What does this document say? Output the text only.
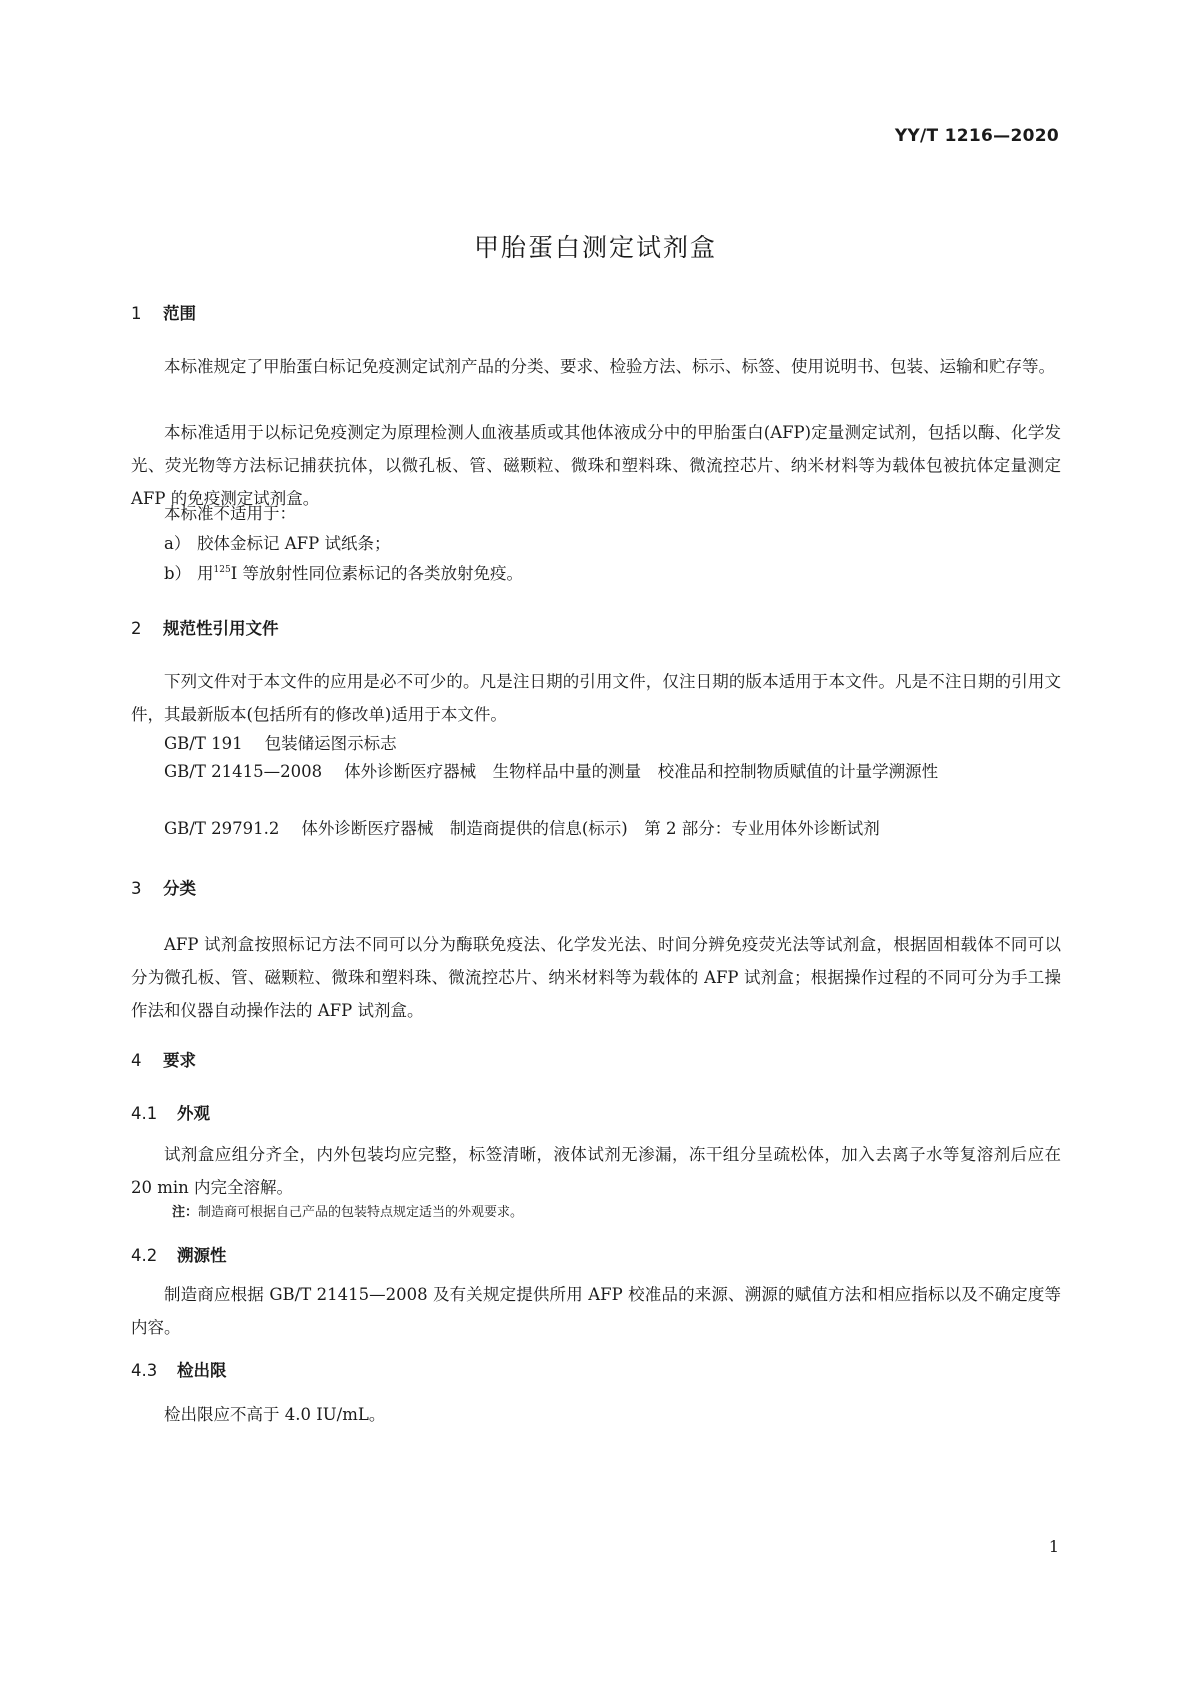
YY/T 1216—2020
甲胎蛋白测定试剂盒
1 范围
本标准规定了甲胎蛋白标记免疫测定试剂产品的分类、要求、检验方法、标示、标签、使用说明书、包装、运输和贮存等。
本标准适用于以标记免疫测定为原理检测人血液基质或其他体液成分中的甲胎蛋白(AFP)定量测定试剂，包括以酶、化学发光、荧光物等方法标记捕获抗体，以微孔板、管、磁颗粒、微珠和塑料珠、微流控芯片、纳米材料等为载体包被抗体定量测定 AFP 的免疫测定试剂盒。
本标准不适用于：
a） 胶体金标记 AFP 试纸条；
b） 用$^{125}$I 等放射性同位素标记的各类放射免疫。
2 规范性引用文件
下列文件对于本文件的应用是必不可少的。凡是注日期的引用文件，仅注日期的版本适用于本文件。凡是不注日期的引用文件，其最新版本(包括所有的修改单)适用于本文件。
GB/T 191 包装储运图示标志
GB/T 21415—2008 体外诊断医疗器械　生物样品中量的测量　校准品和控制物质赋值的计量学溯源性
GB/T 29791.2 体外诊断医疗器械　制造商提供的信息(标示)　第 2 部分：专业用体外诊断试剂
3 分类
AFP 试剂盒按照标记方法不同可以分为酶联免疫法、化学发光法、时间分辨免疫荧光法等试剂盒，根据固相载体不同可以分为微孔板、管、磁颗粒、微珠和塑料珠、微流控芯片、纳米材料等为载体的 AFP 试剂盒；根据操作过程的不同可分为手工操作法和仪器自动操作法的 AFP 试剂盒。
4 要求
4.1 外观
试剂盒应组分齐全，内外包装均应完整，标签清晰，液体试剂无渗漏，冻干组分呈疏松体，加入去离子水等复溶剂后应在 20 min 内完全溶解。
注：制造商可根据自己产品的包装特点规定适当的外观要求。
4.2 溯源性
制造商应根据 GB/T 21415—2008 及有关规定提供所用 AFP 校准品的来源、溯源的赋值方法和相应指标以及不确定度等内容。
4.3 检出限
检出限应不高于 4.0 IU/mL。
1
